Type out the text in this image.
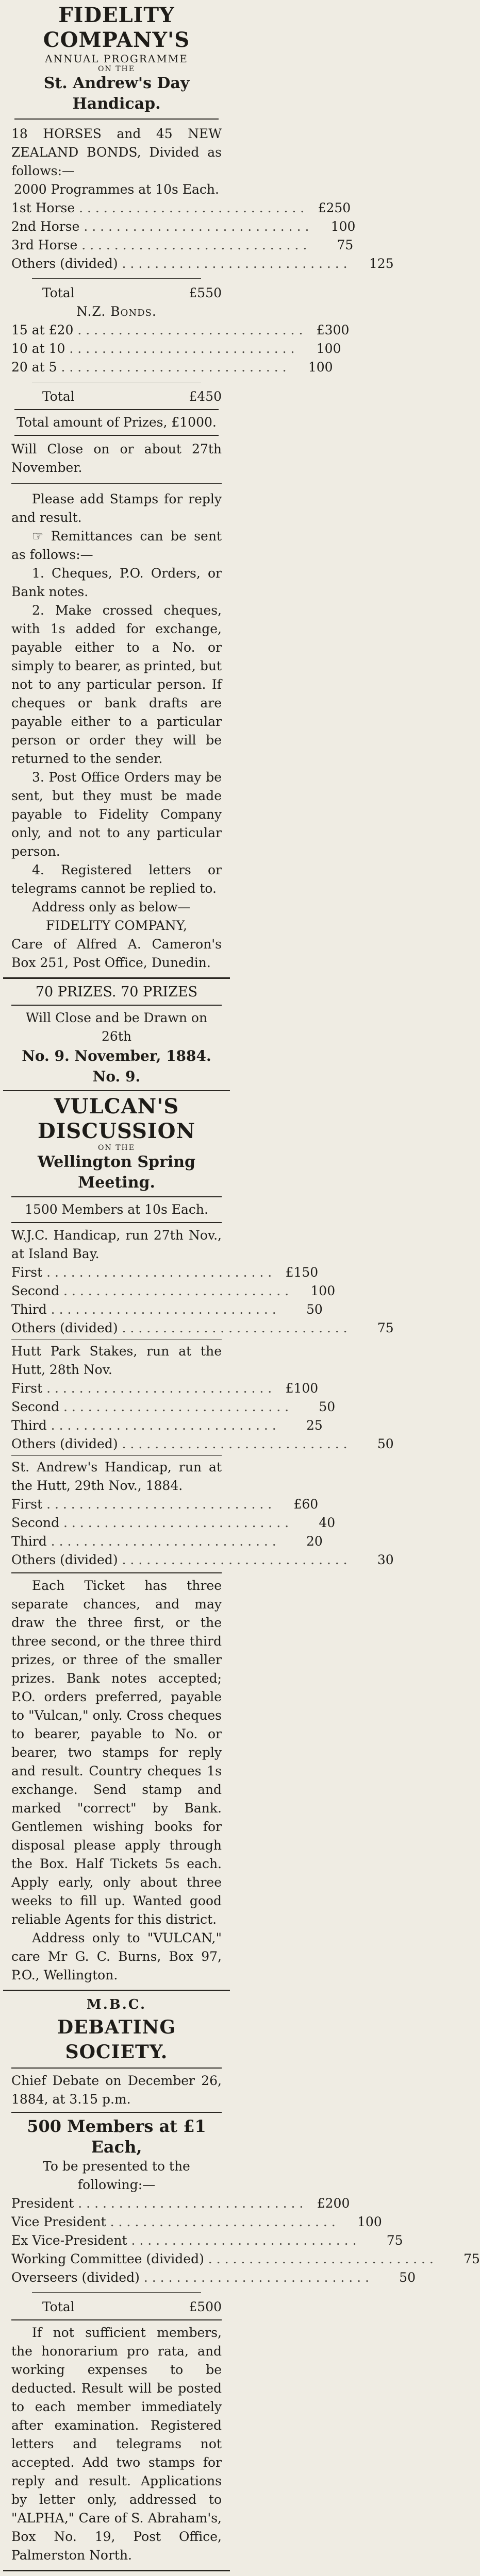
FIDELITY COMPANY'S
ANNUAL PROGRAMME
ON THE
St. Andrew's Day Handicap.

18 HORSES and 45 NEW ZEALAND BONDS, Divided as follows:—

2000 Programmes at 10s Each.
1st Horse . . .	£250
2nd Horse . . .	100
3rd Horse . . .	75
Others (divided) . . .	125
Total	£550
N.Z. Bonds.
15 at £20 . . .	£300
10 at 10 . . .	100
20 at 5 . . .	100
Total	£450
Total amount of Prizes, £1000.

Will Close on or about 27th November.

Please add Stamps for reply and result.

☞ Remittances can be sent as follows:—

1. Cheques, P.O. Orders, or Bank notes.

2. Make crossed cheques, with 1s added for exchange, payable either to a No. or simply to bearer, as printed, but not to any particular person. If cheques or bank drafts are payable either to a particular person or order they will be returned to the sender.

3. Post Office Orders may be sent, but they must be made payable to Fidelity Company only, and not to any particular person.

4. Registered letters or telegrams cannot be replied to.

Address only as below—

FIDELITY COMPANY,

Care of Alfred A. Cameron's Box 251, Post Office, Dunedin.

70 PRIZES. 70 PRIZES
Will Close and be Drawn on 26th
No. 9. November, 1884. No. 9.
VULCAN'S
DISCUSSION
ON THE
Wellington Spring Meeting.
1500 Members at 10s Each.

W.J.C. Handicap, run 27th Nov., at Island Bay.

First . . .	£150
Second . . .	100
Third . . .	50
Others (divided) . . .	75

Hutt Park Stakes, run at the Hutt, 28th Nov.

First . . .	£100
Second . . .	50
Third . . .	25
Others (divided) . . .	50

St. Andrew's Handicap, run at the Hutt, 29th Nov., 1884.

First . . .	£60
Second . . .	40
Third . . .	20
Others (divided) . . .	30

Each Ticket has three separate chances, and may draw the three first, or the three second, or the three third prizes, or three of the smaller prizes. Bank notes accepted; P.O. orders preferred, payable to "Vulcan," only. Cross cheques to bearer, payable to No. or bearer, two stamps for reply and result. Country cheques 1s exchange. Send stamp and marked "correct" by Bank. Gentlemen wishing books for disposal please apply through the Box. Half Tickets 5s each. Apply early, only about three weeks to fill up. Wanted good reliable Agents for this district.

Address only to "VULCAN," care Mr G. C. Burns, Box 97, P.O., Wellington.

M.B.C.
DEBATING SOCIETY.

Chief Debate on December 26, 1884, at 3.15 p.m.

500 Members at £1 Each,
To be presented to the following:—
President . . .	£200
Vice President . . .	100
Ex Vice-President . . .	75
Working Committee (divided) . . .	75
Overseers (divided) . . .	50
Total	£500

If not sufficient members, the honorarium pro rata, and working expenses to be deducted. Result will be posted to each member immediately after examination. Registered letters and telegrams not accepted. Add two stamps for reply and result. Applications by letter only, addressed to "ALPHA," Care of S. Abraham's, Box No. 19, Post Office, Palmerston North.
